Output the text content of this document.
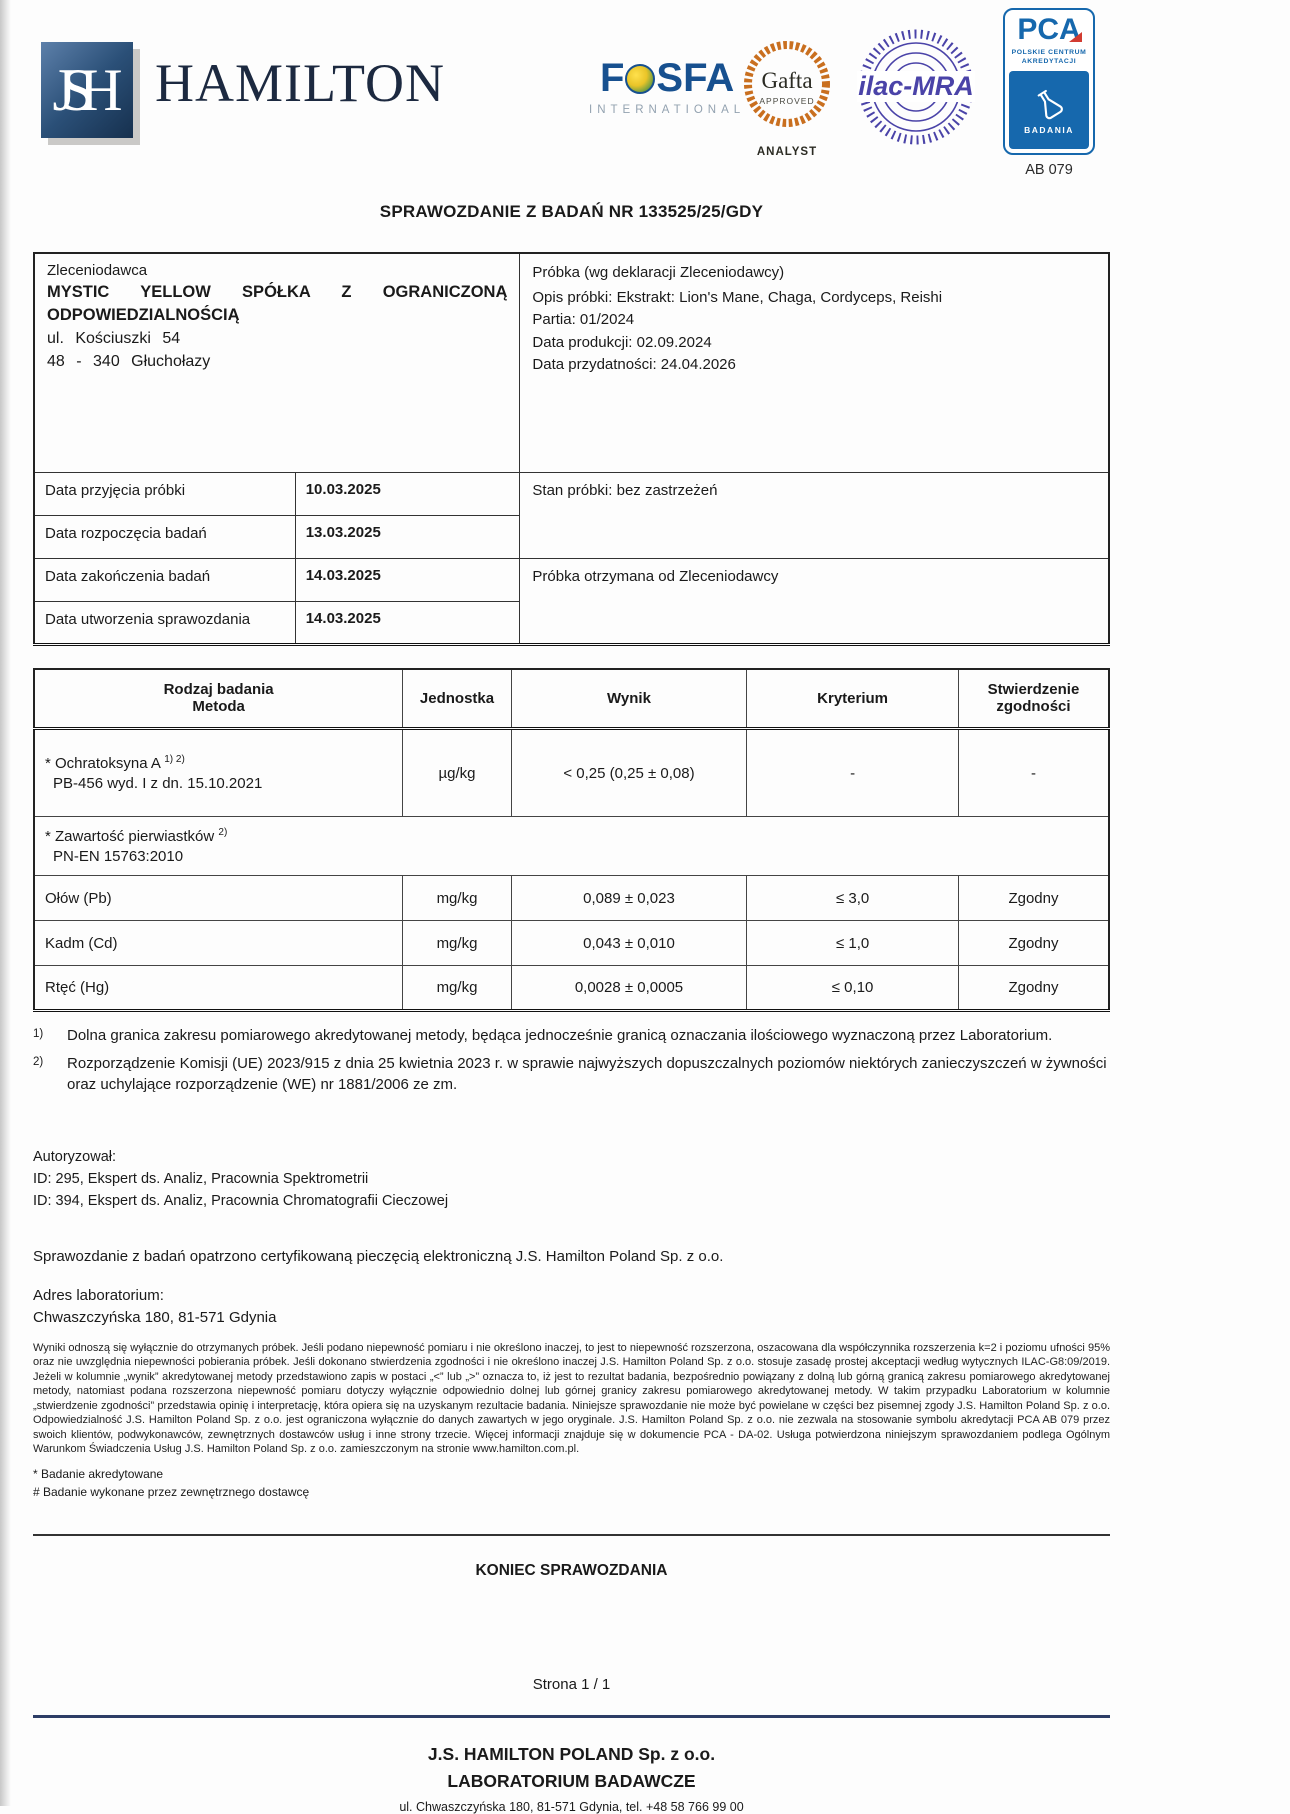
JSH HAMILTON	F SFA
INTERNATIONAL
Gafta
APPROVED
ANALYST
ilac-MRA
PCA
POLSKIE CENTRUM
AKREDYTACJI
BADANIA
AB 079
SPRAWOZDANIE Z BADAŃ NR 133525/25/GDY
Zleceniodawca
MYSTIC YELLOW SPÓŁKA Z OGRANICZONĄ ODPOWIEDZIALNOŚCIĄ
ul. Kościuszki 54
48 - 340 Głuchołazy

Próbka (wg deklaracji Zleceniodawcy)
Opis próbki: Ekstrakt: Lion's Mane, Chaga, Cordyceps, Reishi
Partia: 01/2024
Data produkcji: 02.09.2024
Data przydatności: 24.04.2026

Data przyjęcia próbki	10.03.2025	Stan próbki: bez zastrzeżeń
Data rozpoczęcia badań	13.03.2025	
Data zakończenia badań	14.03.2025	Próbka otrzymana od Zleceniodawcy
Data utworzenia sprawozdania	14.03.2025	
Rodzaj badania
Metoda	Jednostka	Wynik	Kryterium	Stwierdzenie zgodności

* Ochratoksyna A $^{1) 2)}$
PB-456 wyd. I z dn. 15.10.2021	µg/kg	< 0,25 (0,25 ± 0,08)	-	-

* Zawartość pierwiastków $^{2)}$
PN-EN 15763:2010				

Ołów (Pb)	mg/kg	0,089 ± 0,023	≤ 3,0	Zgodny
Kadm (Cd)	mg/kg	0,043 ± 0,010	≤ 1,0	Zgodny
Rtęć (Hg)	mg/kg	0,0028 ± 0,0005	≤ 0,10	Zgodny
1)	Dolna granica zakresu pomiarowego akredytowanej metody, będąca jednocześnie granicą oznaczania ilościowego wyznaczoną przez Laboratorium.
2)	Rozporządzenie Komisji (UE) 2023/915 z dnia 25 kwietnia 2023 r. w sprawie najwyższych dopuszczalnych poziomów niektórych zanieczyszczeń w żywności oraz uchylające rozporządzenie (WE) nr 1881/2006 ze zm.
Autoryzował:
ID: 295, Ekspert ds. Analiz, Pracownia Spektrometrii
ID: 394, Ekspert ds. Analiz, Pracownia Chromatografii Cieczowej
Sprawozdanie z badań opatrzono certyfikowaną pieczęcią elektroniczną J.S. Hamilton Poland Sp. z o.o.
Adres laboratorium:
Chwaszczyńska 180, 81-571 Gdynia
Wyniki odnoszą się wyłącznie do otrzymanych próbek. Jeśli podano niepewność pomiaru i nie określono inaczej, to jest to niepewność rozszerzona, oszacowana dla współczynnika rozszerzenia k=2 i poziomu ufności 95% oraz nie uwzględnia niepewności pobierania próbek. Jeśli dokonano stwierdzenia zgodności i nie określono inaczej J.S. Hamilton Poland Sp. z o.o. stosuje zasadę prostej akceptacji według wytycznych ILAC-G8:09/2019. Jeżeli w kolumnie „wynik” akredytowanej metody przedstawiono zapis w postaci „<” lub „>” oznacza to, iż jest to rezultat badania, bezpośrednio powiązany z dolną lub górną granicą zakresu pomiarowego akredytowanej metody, natomiast podana rozszerzona niepewność pomiaru dotyczy wyłącznie odpowiednio dolnej lub górnej granicy zakresu pomiarowego akredytowanej metody. W takim przypadku Laboratorium w kolumnie „stwierdzenie zgodności” przedstawia opinię i interpretację, która opiera się na uzyskanym rezultacie badania. Niniejsze sprawozdanie nie może być powielane w części bez pisemnej zgody J.S. Hamilton Poland Sp. z o.o. Odpowiedzialność J.S. Hamilton Poland Sp. z o.o. jest ograniczona wyłącznie do danych zawartych w jego oryginale. J.S. Hamilton Poland Sp. z o.o. nie zezwala na stosowanie symbolu akredytacji PCA AB 079 przez swoich klientów, podwykonawców, zewnętrznych dostawców usług i inne strony trzecie. Więcej informacji znajduje się w dokumencie PCA - DA-02. Usługa potwierdzona niniejszym sprawozdaniem podlega Ogólnym Warunkom Świadczenia Usług J.S. Hamilton Poland Sp. z o.o. zamieszczonym na stronie www.hamilton.com.pl.
* Badanie akredytowane
# Badanie wykonane przez zewnętrznego dostawcę
KONIEC SPRAWOZDANIA
Strona 1 / 1
J.S. HAMILTON POLAND Sp. z o.o.
LABORATORIUM BADAWCZE
ul. Chwaszczyńska 180, 81-571 Gdynia, tel. +48 58 766 99 00
